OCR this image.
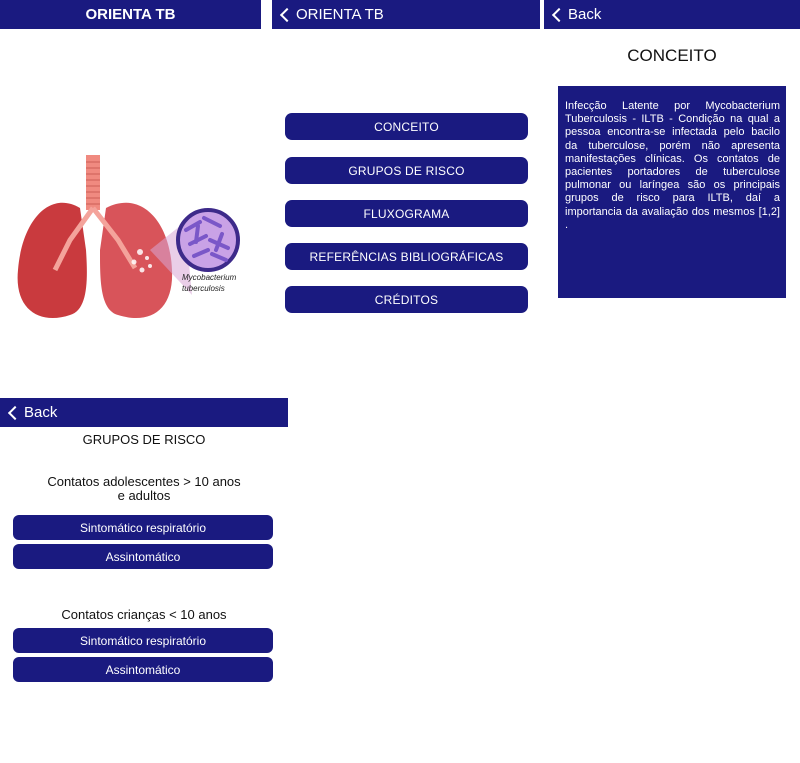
ORIENTA TB
Mycobacterium
tuberculosis
ORIENTA TB
CONCEITO
GRUPOS DE RISCO
FLUXOGRAMA
REFERÊNCIAS BIBLIOGRÁFICAS
CRÉDITOS
Back
CONCEITO
Infecção Latente por Mycobacterium Tuberculosis - ILTB - Condição na qual a pessoa encontra-se infectada pelo bacilo da tuberculose, porém não apresenta manifestações clínicas. Os contatos de pacientes portadores de tuberculose pulmonar ou laríngea são os principais grupos de risco para ILTB, daí a importancia da avaliação dos mesmos [1,2] .
Back
GRUPOS DE RISCO
Contatos adolescentes > 10 anos
e adultos
Sintomático respiratório
Assintomático
Contatos crianças < 10 anos
Sintomático respiratório
Assintomático
